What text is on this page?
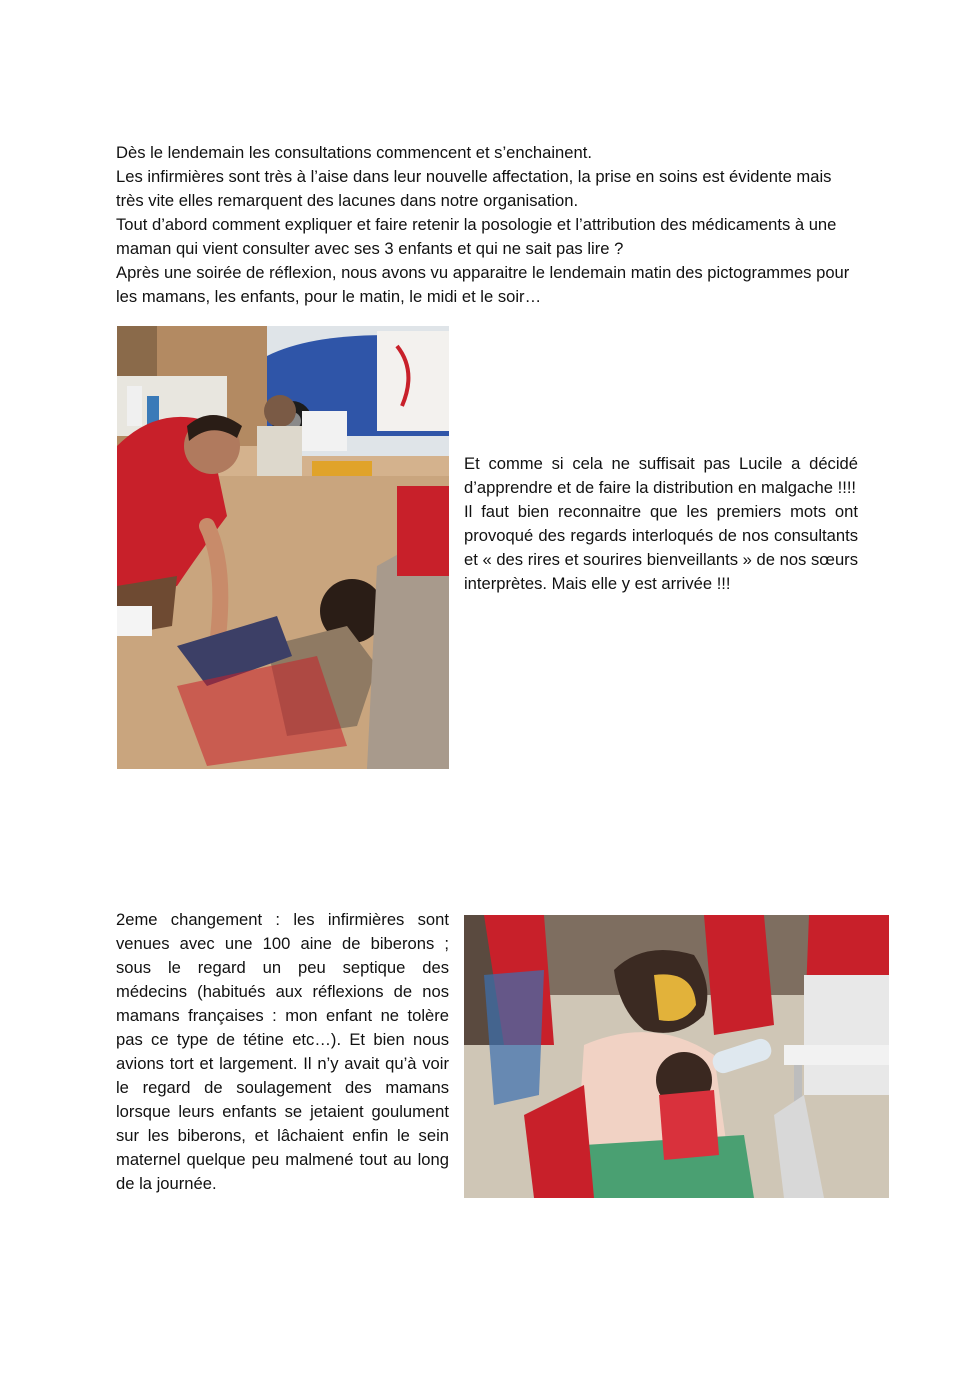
Dès le lendemain les consultations commencent et s’enchainent.

Les infirmières sont très à l’aise dans leur nouvelle affectation, la prise en soins est évidente mais très vite elles remarquent des lacunes dans notre organisation.

Tout d’abord comment expliquer et faire retenir la posologie et l’attribution des médicaments à une maman qui vient consulter avec ses 3 enfants et qui ne sait pas lire ?

Après une soirée de réflexion, nous avons vu apparaitre le lendemain matin des pictogrammes pour les mamans, les enfants, pour le matin, le midi et le soir…

Et comme si cela ne suffisait pas Lucile a décidé d’apprendre et de faire la distribution en malgache !!!!

Il faut bien reconnaitre que les premiers mots ont provoqué des regards interloqués de nos consultants et « des rires et sourires bienveillants » de nos sœurs interprètes. Mais elle y est arrivée !!!

2eme changement : les infirmières sont venues avec une 100 aine de biberons ; sous le regard un peu septique des médecins (habitués aux réflexions de nos mamans françaises : mon enfant ne tolère pas ce type de tétine etc…). Et bien nous avions tort et largement. Il n’y avait qu’à voir le regard de soulagement des mamans lorsque leurs enfants se jetaient goulument sur les biberons, et lâchaient enfin le sein maternel quelque peu malmené tout au long de la journée.
